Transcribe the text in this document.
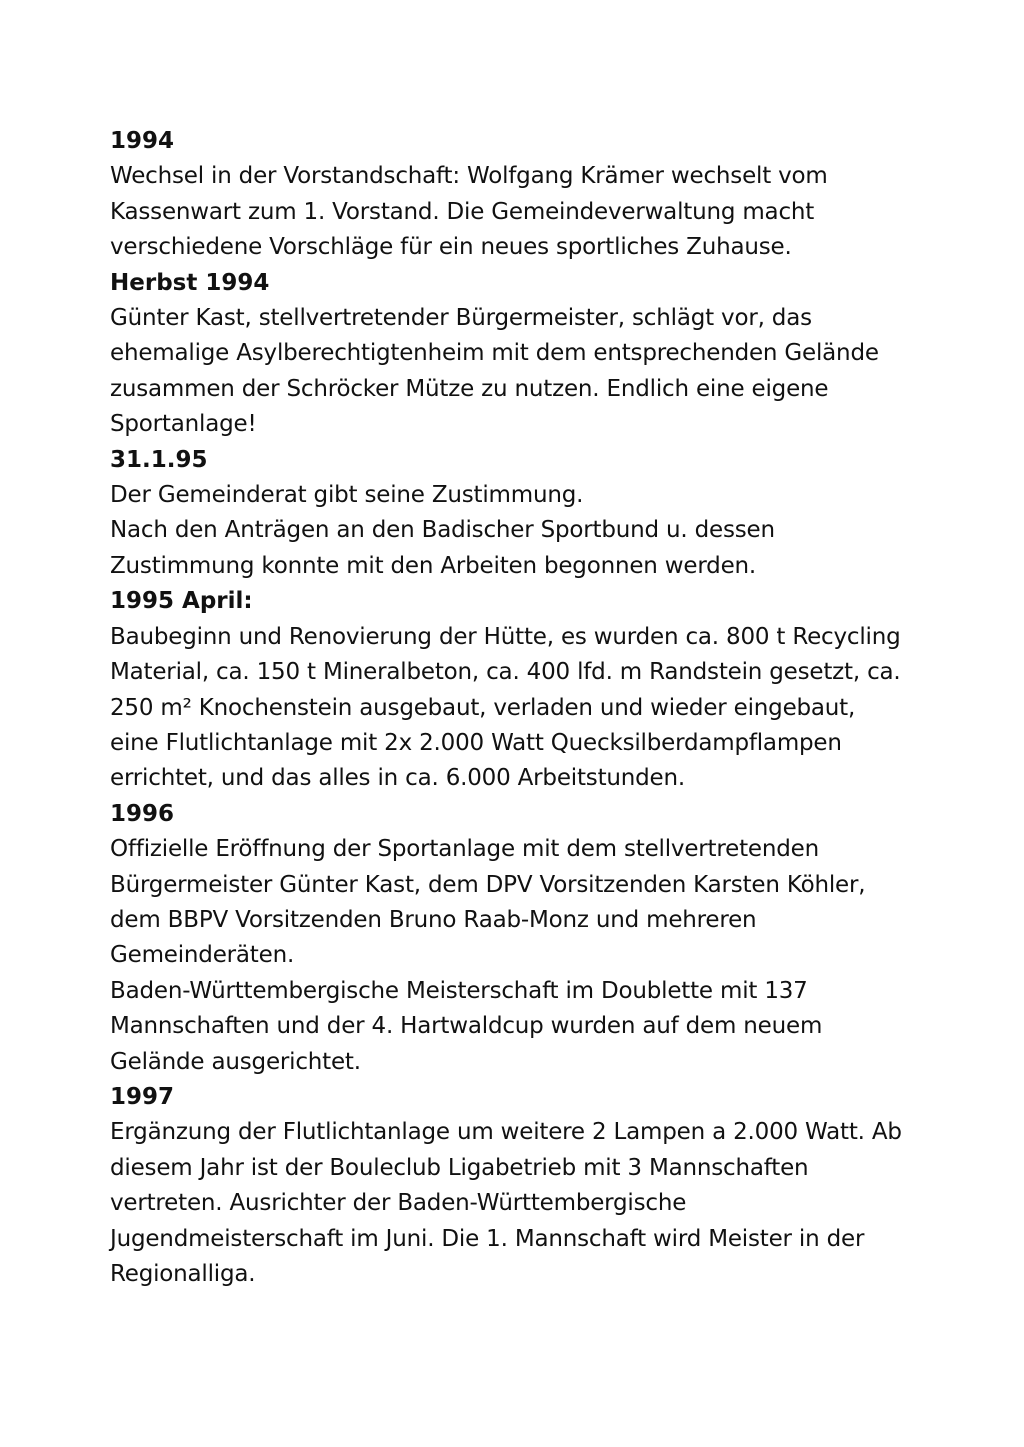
1994

Wechsel in der Vorstandschaft: Wolfgang Krämer wechselt vom Kassenwart zum 1. Vorstand. Die Gemeindeverwaltung macht verschiedene Vorschläge für ein neues sportliches Zuhause.

Herbst 1994

Günter Kast, stellvertretender Bürgermeister, schlägt vor, das ehemalige Asylberechtigtenheim mit dem entsprechenden Gelände zusammen der Schröcker Mütze zu nutzen. Endlich eine eigene Sportanlage!

31.1.95

Der Gemeinderat gibt seine Zustimmung.

Nach den Anträgen an den Badischer Sportbund u. dessen Zustimmung konnte mit den Arbeiten begonnen werden.

1995 April:

Baubeginn und Renovierung der Hütte, es wurden ca. 800 t Recycling Material, ca. 150 t Mineralbeton, ca. 400 lfd. m Randstein gesetzt, ca. 250 m² Knochenstein ausgebaut, verladen und wieder eingebaut, eine Flutlichtanlage mit 2x 2.000 Watt Quecksilberdampflampen errichtet, und das alles in ca. 6.000 Arbeitstunden.

1996

Offizielle Eröffnung der Sportanlage mit dem stellvertretenden Bürgermeister Günter Kast, dem DPV Vorsitzenden Karsten Köhler, dem BBPV Vorsitzenden Bruno Raab-Monz und mehreren Gemeinderäten.

Baden-Württembergische Meisterschaft im Doublette mit 137 Mannschaften und der 4. Hartwaldcup wurden auf dem neuem Gelände ausgerichtet.

1997

Ergänzung der Flutlichtanlage um weitere 2 Lampen a 2.000 Watt. Ab diesem Jahr ist der Bouleclub Ligabetrieb mit 3 Mannschaften vertreten. Ausrichter der Baden-Württembergische Jugendmeisterschaft im Juni. Die 1. Mannschaft wird Meister in der Regionalliga.
